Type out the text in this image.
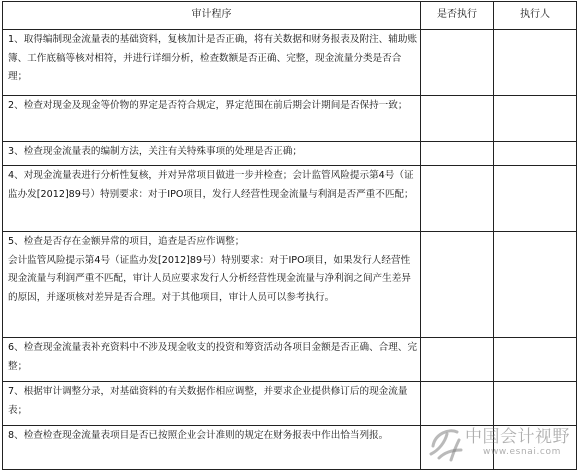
审计程序	是否执行	执行人

1、取得编制现金流量表的基础资料，复核加计是否正确，将有关数据和财务报表及附注、辅助账簿、工作底稿等核对相符，并进行详细分析，检查数额是否正确、完整，现金流量分类是否合理；		

2、检查对现金及现金等价物的界定是否符合规定，界定范围在前后期会计期间是否保持一致；		

3、检查现金流量表的编制方法，关注有关特殊事项的处理是否正确；		

4、对现金流量表进行分析性复核，并对异常项目做进一步并检查；会计监管风险提示第4号（证监办发[2012]89号）特别要求：对于IPO项目，发行人经营性现金流量与利润是否严重不匹配；		

5、检查是否存在金额异常的项目，追查是否应作调整；
会计监管风险提示第4号（证监办发[2012]89号）特别要求：对于IPO项目，如果发行人经营性现金流量与利润严重不匹配，审计人员应要求发行人分析经营性现金流量与净利润之间产生差异的原因，并逐项核对差异是否合理。对于其他项目，审计人员可以参考执行。		

6、检查现金流量表补充资料中不涉及现金收支的投资和筹资活动各项目金额是否正确、合理、完整；		

7、根据审计调整分录，对基础资料的有关数据作相应调整，并要求企业提供修订后的现金流量表；		

8、检查检查现金流量表项目是否已按照企业会计准则的规定在财务报表中作出恰当列报。		
			中国会计视野
www.esnai.com
